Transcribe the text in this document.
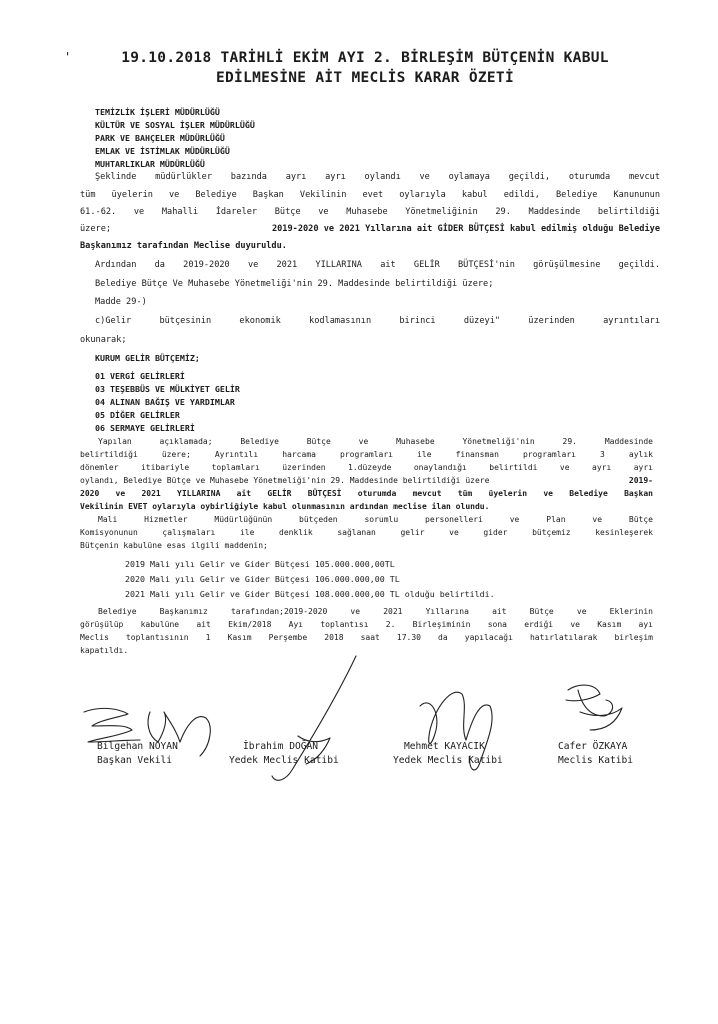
'	19.10.2018 TARİHLİ EKİM AYI 2. BİRLEŞİM BÜTÇENİN KABUL
EDİLMESİNE AİT MECLİS KARAR ÖZETİ
TEMİZLİK İŞLERİ MÜDÜRLÜĞÜ
KÜLTÜR VE SOSYAL İŞLER MÜDÜRLÜĞÜ
PARK VE BAHÇELER MÜDÜRLÜĞÜ
EMLAK VE İSTİMLAK MÜDÜRLÜĞÜ
MUHTARLIKLAR MÜDÜRLÜĞÜ
Şeklinde müdürlükler bazında ayrı ayrı oylandı ve oylamaya geçildi, oturumda mevcut
tüm üyelerin ve Belediye Başkan Vekilinin evet oylarıyla kabul edildi, Belediye Kanununun
61.-62. ve Mahalli İdareler Bütçe ve Muhasebe Yönetmeliğinin 29. Maddesinde belirtildiği
üzere;	2019-2020 ve 2021 Yıllarına ait GİDER BÜTÇESİ kabul edilmiş olduğu Belediye
Başkanımız tarafından Meclise duyuruldu.
Ardından da 2019-2020 ve 2021 YILLARINA ait GELİR BÜTÇESİ'nin görüşülmesine geçildi.
Belediye Bütçe Ve Muhasebe Yönetmeliği'nin 29. Maddesinde belirtildiği üzere;
Madde 29-)
c)Gelir bütçesinin ekonomik kodlamasının birinci düzeyi" üzerinden ayrıntıları
okunarak;
KURUM GELİR BÜTÇEMİZ;
01 VERGİ GELİRLERİ
03 TEŞEBBÜS VE MÜLKİYET GELİR
04 ALINAN BAĞIŞ VE YARDIMLAR
05 DİĞER GELİRLER
06 SERMAYE GELİRLERİ
Yapılan açıklamada; Belediye Bütçe ve Muhasebe Yönetmeliği'nin 29. Maddesinde
belirtildiği üzere; Ayrıntılı harcama programları ile finansman programları 3 aylık
dönemler itibariyle toplamları üzerinden 1.düzeyde onaylandığı belirtildi ve ayrı ayrı
oylandı, Belediye Bütçe ve Muhasebe Yönetmeliği'nin 29. Maddesinde belirtildiği üzere	2019-
2020 ve 2021 YILLARINA ait GELİR BÜTÇESİ oturumda mevcut tüm üyelerin ve Belediye Başkan
Vekilinin EVET oylarıyla oybirliğiyle kabul olunmasının ardından meclise ilan olundu.
Mali Hizmetler Müdürlüğünün bütçeden sorumlu personelleri ve Plan ve Bütçe
Komisyonunun çalışmaları ile denklik sağlanan gelir ve gider bütçemiz kesinleşerek
Bütçenin kabulüne esas ilgili maddenin;
2019 Mali yılı Gelir ve Gider Bütçesi 105.000.000,00TL
2020 Mali yılı Gelir ve Gider Bütçesi 106.000.000,00 TL
2021 Mali yılı Gelir ve Gider Bütçesi 108.000.000,00 TL olduğu belirtildi.
Belediye Başkanımız tarafından;2019-2020 ve 2021 Yıllarına ait Bütçe ve Eklerinin
görüşülüp kabulüne ait Ekim/2018 Ayı toplantısı 2. Birleşiminin sona erdiği ve Kasım ayı
Meclis toplantısının 1 Kasım Perşembe 2018 saat 17.30 da yapılacağı hatırlatılarak birleşim
kapatıldı.
Bilgehan NOYAN
Başkan Vekili
İbrahim DOĞAN
Yedek Meclis Katibi
Mehmet KAYACIK
Yedek Meclis Katibi
Cafer ÖZKAYA
Meclis Katibi
